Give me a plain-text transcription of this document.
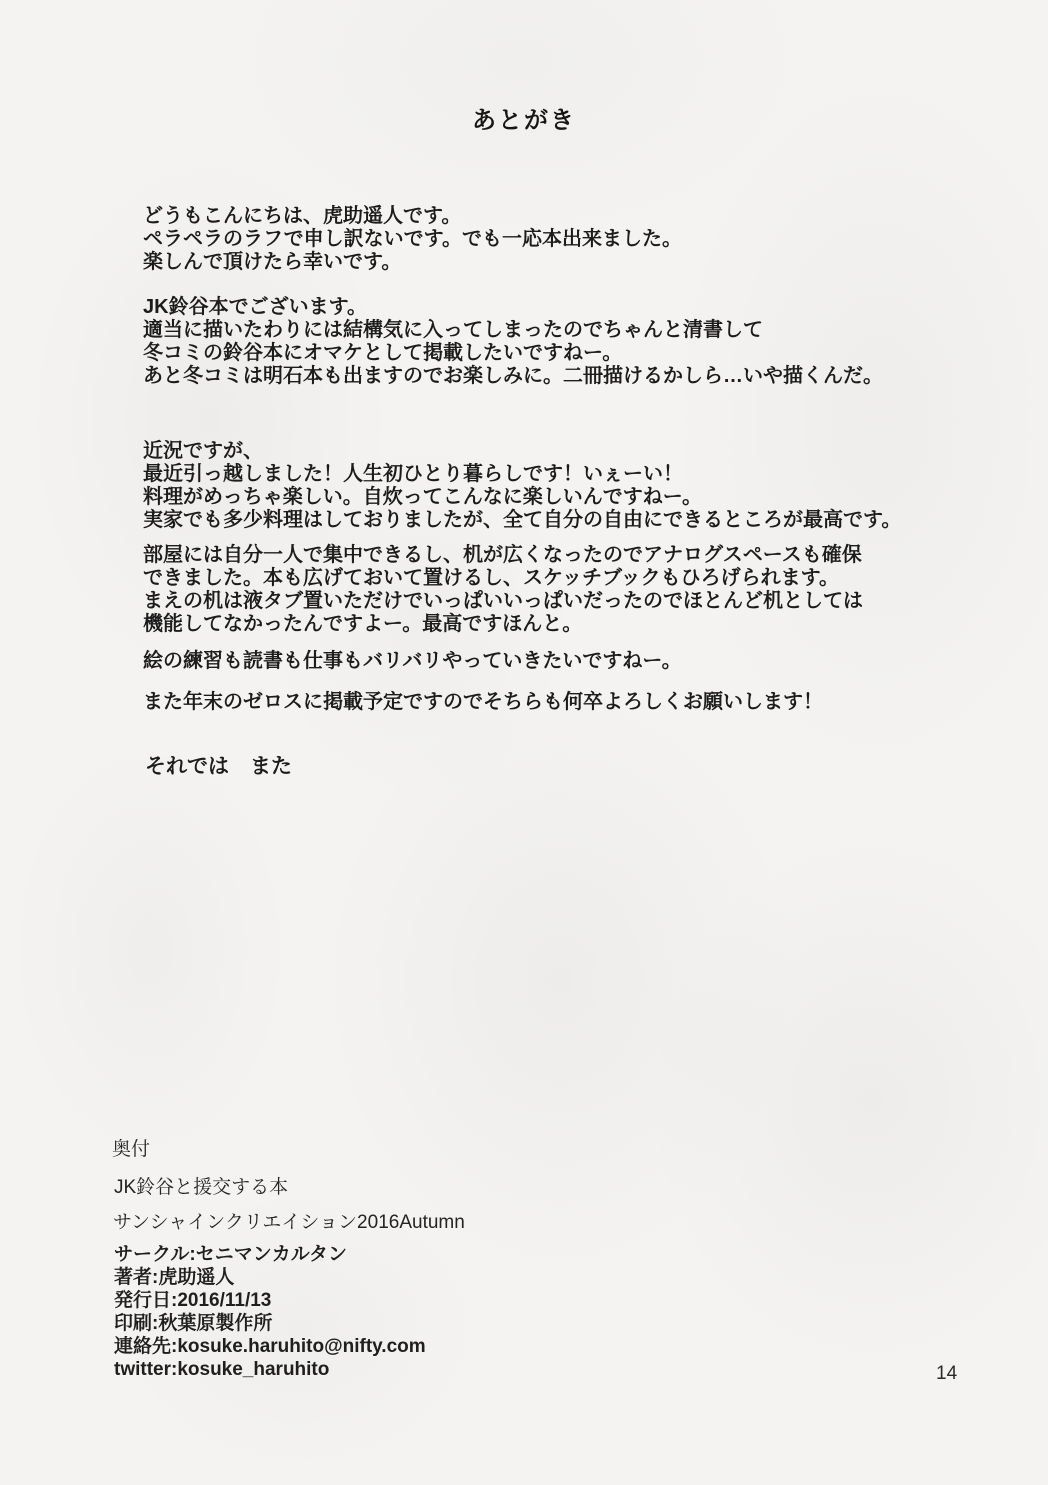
あとがき
どうもこんにちは、虎助遥人です。
ペラペラのラフで申し訳ないです。でも一応本出来ました。
楽しんで頂けたら幸いです。
JK鈴谷本でございます。
適当に描いたわりには結構気に入ってしまったのでちゃんと清書して
冬コミの鈴谷本にオマケとして掲載したいですねー。
あと冬コミは明石本も出ますのでお楽しみに。二冊描けるかしら…いや描くんだ。
近況ですが、
最近引っ越しました！人生初ひとり暮らしです！いぇーい！
料理がめっちゃ楽しい。自炊ってこんなに楽しいんですねー。
実家でも多少料理はしておりましたが、全て自分の自由にできるところが最高です。
部屋には自分一人で集中できるし、机が広くなったのでアナログスペースも確保
できました。本も広げておいて置けるし、スケッチブックもひろげられます。
まえの机は液タブ置いただけでいっぱいいっぱいだったのでほとんど机としては
機能してなかったんですよー。最高ですほんと。
絵の練習も読書も仕事もバリバリやっていきたいですねー。
また年末のゼロスに掲載予定ですのでそちらも何卒よろしくお願いします！
それでは　また
奥付
JK鈴谷と援交する本
サンシャインクリエイション2016Autumn
サークル:セニマンカルタン
著者:虎助遥人
発行日:2016/11/13
印刷:秋葉原製作所
連絡先:kosuke.haruhito@nifty.com
twitter:kosuke_haruhito	14
